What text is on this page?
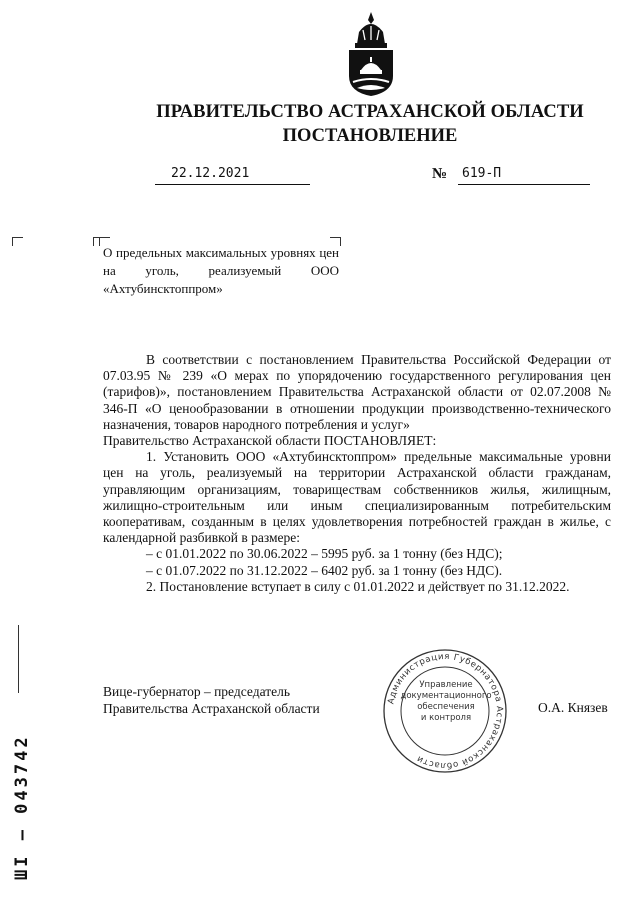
ПРАВИТЕЛЬСТВО АСТРАХАНСКОЙ ОБЛАСТИ
ПОСТАНОВЛЕНИЕ
22.12.2021	№	619-П
О предельных максимальных уровнях цен на уголь, реализуемый ООО «Ахтубинсктоппром»

В соответствии с постановлением Правительства Российской Федерации от 07.03.95 № 239 «О мерах по упорядочению государственного регулирования цен (тарифов)», постановлением Правительства Астраханской области от 02.07.2008 № 346-П «О ценообразовании в отношении продукции производственно-технического назначения, товаров народного потребления и услуг»

Правительство Астраханской области ПОСТАНОВЛЯЕТ:

1. Установить ООО «Ахтубинсктоппром» предельные максимальные уровни цен на уголь, реализуемый на территории Астраханской области гражданам, управляющим организациям, товариществам собственников жилья, жилищным, жилищно-строительным или иным специализированным потребительским кооперативам, созданным в целях удовлетворения потребностей граждан в жилье, с календарной разбивкой в размере:

– с 01.01.2022 по 30.06.2022 – 5995 руб. за 1 тонну (без НДС);

– с 01.07.2022 по 31.12.2022 – 6402 руб. за 1 тонну (без НДС).

2. Постановление вступает в силу с 01.01.2022 и действует по 31.12.2022.

Администрация Губернатора Астраханской области
Управление
документационного
обеспечения
и контроля
Вице-губернатор – председатель
Правительства Астраханской области	О.А. Князев
ШI – 043742
